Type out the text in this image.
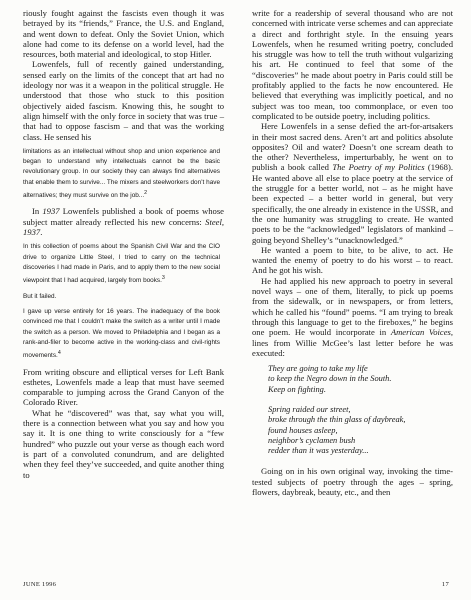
riously fought against the fascists even though it was betrayed by its “friends,” France, the U.S. and England, and went down to defeat. Only the Soviet Union, which alone had come to its defense on a world level, had the resources, both material and ideological, to stop Hitler.

Lowenfels, full of recently gained understanding, sensed early on the limits of the concept that art had no ideology nor was it a weapon in the political struggle. He understood that those who stuck to this position objectively aided fascism. Knowing this, he sought to align himself with the only force in society that was true – that had to oppose fascism – and that was the working class. He sensed his

limitations as an intellectual without shop and union experience and began to understand why intellectuals cannot be the basic revolutionary group. In our society they can always find alternatives that enable them to survive... The mixers and steelworkers don’t have alternatives; they must survive on the job...$^2$

In 1937 Lowenfels published a book of poems whose subject matter already reflected his new concerns: Steel, 1937.

In this collection of poems about the Spanish Civil War and the CIO drive to organize Little Steel, I tried to carry on the technical discoveries I had made in Paris, and to apply them to the new social viewpoint that I had acquired, largely from books.$^3$
But it failed.
I gave up verse entirely for 16 years. The inadequacy of the book convinced me that I couldn’t make the switch as a writer until I made the switch as a person. We moved to Philadelphia and I began as a rank-and-filer to become active in the working-class and civil-rights movements.$^4$

From writing obscure and elliptical verses for Left Bank esthetes, Lowenfels made a leap that must have seemed comparable to jumping across the Grand Canyon of the Colorado River.

What he “discovered” was that, say what you will, there is a connection between what you say and how you say it. It is one thing to write consciously for a “few hundred” who puzzle out your verse as though each word is part of a convoluted conundrum, and are delighted when they feel they’ve succeeded, and quite another thing to

write for a readership of several thousand who are not concerned with intricate verse schemes and can appreciate a direct and forthright style. In the ensuing years Lowenfels, when he resumed writing poetry, concluded his struggle was how to tell the truth without vulgarizing his art. He continued to feel that some of the “discoveries” he made about poetry in Paris could still be profitably applied to the facts he now encountered. He believed that everything was implicitly poetical, and no subject was too mean, too commonplace, or even too complicated to be outside poetry, including politics.

Here Lowenfels in a sense defied the art-for-artsakers in their most sacred dens. Aren’t art and politics absolute opposites? Oil and water? Doesn’t one scream death to the other? Nevertheless, imperturbably, he went on to publish a book called The Poetry of my Politics (1968). He wanted above all else to place poetry at the service of the struggle for a better world, not – as he might have been expected – a better world in general, but very specifically, the one already in existence in the USSR, and the one humanity was struggling to create. He wanted poets to be the “acknowledged” legislators of mankind – going beyond Shelley’s “unacknowledged.”

He wanted a poem to bite, to be alive, to act. He wanted the enemy of poetry to do his worst – to react. And he got his wish.

He had applied his new approach to poetry in several novel ways – one of them, literally, to pick up poems from the sidewalk, or in newspapers, or from letters, which he called his “found” poems. “I am trying to break through this language to get to the fireboxes,” he begins one poem. He would incorporate in American Voices, lines from Willie McGee’s last letter before he was executed:

They are going to take my life
to keep the Negro down in the South.
Keep on fighting.
Spring raided our street,
broke through the thin glass of daybreak,
found houses asleep,
neighbor’s cyclamen bush
redder than it was yesterday...

Going on in his own original way, invoking the time-tested subjects of poetry through the ages – spring, flowers, daybreak, beauty, etc., and then

JUNE 1996	17
